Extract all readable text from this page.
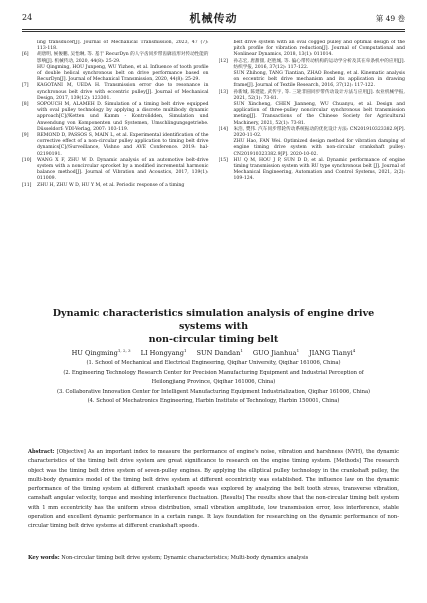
24	机械传动	第 49 卷
ling transducer[J]. Journal of Mechanical Transmission, 2023, 47 (7): 113-118.
[6]	胡唐明, 候俊鹏, 吴怡琳, 等. 基于 RecurDyn 的人字齿同步带齿廓齿形对传动性能的影响[J]. 机械传动, 2020, 44(8): 25-29.
HU Qingming, HOU Junpeng, WU Yizhen, et al. Influence of tooth profile of double helical synchronous belt on drive performance based on RecurDyn[J]. Journal of Mechanical Transmission, 2020, 44(8): 25-29.
[7]	KAGOTANI M, UEDA H. Transmission error due to resonance in synchronous belt drive with eccentric pulley[J]. Journal of Mechanical Design, 2017, 139(12): 123301.
[8]	SOPOUCH M, ALAMEH D. Simulation of a timing belt drive equipped with oval pulley technology by applying a discrete multibody dynamic approach[C]//Ketten und Kamm - Kontrolidden, Simulation und Anwendung von Komponenten und Systemen, Umschlingungsgetriebe. Düsseldorf: VDI-Verlag, 2007: 103-119.
[9]	REMOND D, PASSOS S, MAIN L, et al. Experimental identification of the corrective effect of a non-circular pulley application to timing belt drive dynamics[C]//Surveillance, Vishno and AVE Conference. 2019: hal-02190191.
[10]	WANG X F, ZHU W D. Dynamic analysis of an automotive belt-drive system with a noncircular sprocket by a modified incremental harmonic balance method[J]. Journal of Vibration and Acoustics, 2017, 139(1): 011009.
[11]	ZHU H, ZHU W D, HU Y M, et al. Periodic response of a timing
belt drive system with an oval cogged pulley and optimal design of the pitch profile for vibration reduction[J]. Journal of Computational and Nonlinear Dynamics, 2018, 13(1): 011014.
[12]	孙志宏, 唐甜甜, 赵胜城, 等. 偏心带传动机构的运动学分析及其在牵条机中的应用[J]. 纺织学报, 2016, 37(12): 117-122.
SUN Zhihong, TANG Tiantian, ZHAO Bosheng, et al. Kinematic analysis on eccentric belt drive mechanism and its application in drawing frame[J]. Journal of Textile Research, 2016, 37(12): 117-122.
[13]	孙新城, 陈建能, 武传宇, 等. 三轮非圆同步带传动设计方法与应用[J]. 农业机械学报, 2021, 52(1): 73-81.
SUN Xincheng, CHEN Jianneng, WU Chuanyu, et al. Design and application of three-pulley noncircular synchronous belt transmission meting[J]. Transactions of the Chinese Society for Agricultural Machinery, 2021, 52(1): 73-81.
[14]	朱浩, 樊伟. 汽车同步带轮传动系统振动的优化设计方法: CN201910323382.9[P]. 2020-11-02.
ZHU Hao, FAN Wei. Optimized design method for vibration damping of engine timing drive system with non-circular crankshaft pulley: CN201910323382.9[P]. 2020-10-02.
[15]	HU Q M, HOU J P, SUN D D, et al. Dynamic performance of engine timing transmission system with RU type synchronous belt [J]. Journal of Mechanical Engineering, Automation and Control Systems, 2021, 2(2): 109-124.
Dynamic characteristics simulation analysis of engine drive systems with
non-circular timing belt
HU Qingming$^{1, 2, 3}$ LI Hongyang$^1$ SUN Dandan$^1$ GUO Jianhua$^1$ JIANG Tianyi$^4$
(1. School of Mechanical and Electrical Engineering, Qiqihar University, Qiqihar 161006, China)
(2. Engineering Technology Research Center for Precision Manufacturing Equipment and Industrial Perception of
Heilongjiang Province, Qiqihar 161006, China)
(3. Collaborative Innovation Center for Intelligent Manufacturing Equipment Industrialization, Qiqihar 161006, China)
(4. School of Mechatronics Engineering, Harbin Institute of Technology, Harbin 150001, China)
Abstract: [Objective] As an important index to measure the performance of engine's noise, vibration and harshness (NVH), the dynamic characteristics of the timing belt drive system are great significance to research on the engine timing system. [Methods] The research object was the timing belt drive system of seven-pulley engines. By applying the elliptical pulley technology in the crankshaft pulley, the multi-body dynamics model of the timing belt drive system at different eccentricity was established. The influence law on the dynamic performance of the timing system at different crankshaft speeds was explored by analyzing the belt tooth stress, transverse vibration, camshaft angular velocity, torque and meshing interference fluctuation. [Results] The results show that the non-circular timing belt system with 1 mm eccentricity has the uniform stress distribution, small vibration amplitude, low transmission error, less interference, stable operation and excellent dynamic performance in a certain range. It lays foundation for researching on the dynamic performance of non-circular timing belt drive systems at different crankshaft speeds.
Key words: Non-circular timing belt drive system; Dynamic characteristics; Multi-body dynamics analysis
